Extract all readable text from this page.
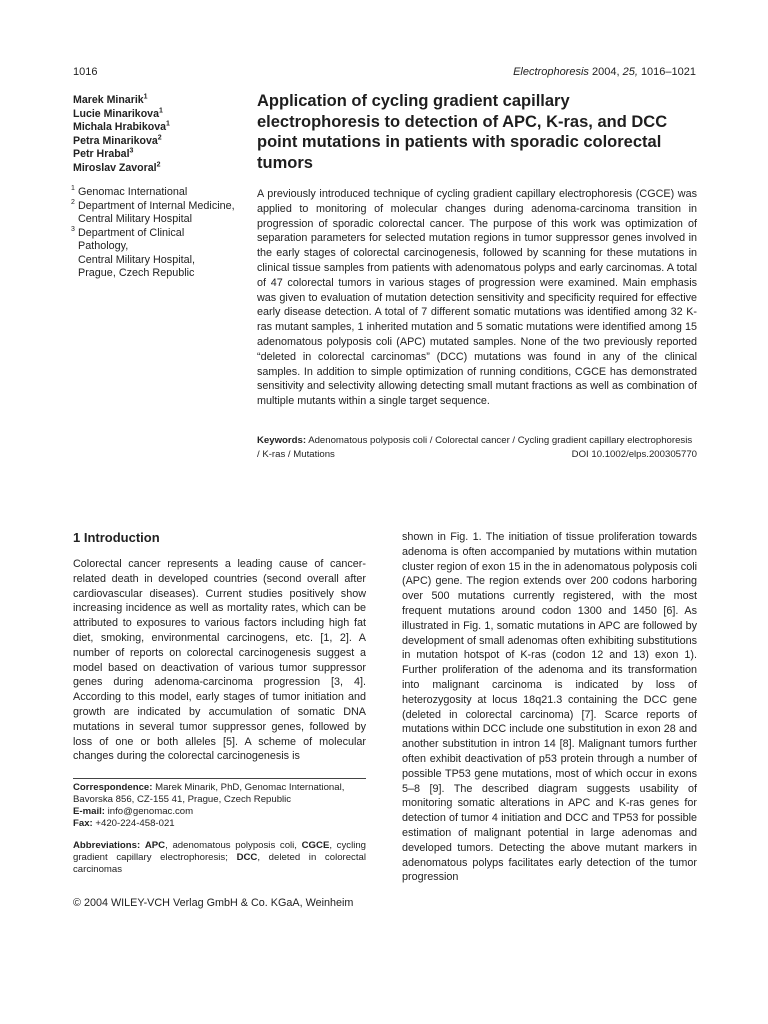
1016	Electrophoresis 2004, 25, 1016–1021
Marek Minarik$^1$
Lucie Minarikova$^1$
Michala Hrabikova$^1$
Petra Minarikova$^2$
Petr Hrabal$^3$
Miroslav Zavoral$^2$
1 Genomac International
2 Department of Internal Medicine,
Central Military Hospital
3 Department of Clinical
Pathology,
Central Military Hospital,
Prague, Czech Republic
Application of cycling gradient capillary electrophoresis to detection of APC, K-ras, and DCC point mutations in patients with sporadic colorectal tumors
A previously introduced technique of cycling gradient capillary electrophoresis (CGCE) was applied to monitoring of molecular changes during adenoma-carcinoma transition in progression of sporadic colorectal cancer. The purpose of this work was optimization of separation parameters for selected mutation regions in tumor suppressor genes involved in the early stages of colorectal carcinogenesis, followed by scanning for these mutations in clinical tissue samples from patients with adenomatous polyps and early carcinomas. A total of 47 colorectal tumors in various stages of progression were examined. Main emphasis was given to evaluation of mutation detection sensitivity and specificity required for effective early disease detection. A total of 7 different somatic mutations was identified among 32 K-ras mutant samples, 1 inherited mutation and 5 somatic mutations were identified among 15 adenomatous polyposis coli (APC) mutated samples. None of the two previously reported “deleted in colorectal carcinomas” (DCC) mutations was found in any of the clinical samples. In addition to simple optimization of running conditions, CGCE has demonstrated sensitivity and selectivity allowing detecting small mutant fractions as well as combination of multiple mutants within a single target sequence.
Keywords: Adenomatous polyposis coli / Colorectal cancer / Cycling gradient capillary electrophoresis / K-ras / Mutations	DOI 10.1002/elps.200305770
1 Introduction
Colorectal cancer represents a leading cause of cancer-related death in developed countries (second overall after cardiovascular diseases). Current studies positively show increasing incidence as well as mortality rates, which can be attributed to exposures to various factors including high fat diet, smoking, environmental carcinogens, etc. [1, 2]. A number of reports on colorectal carcinogenesis suggest a model based on deactivation of various tumor suppressor genes during adenoma-carcinoma progression [3, 4]. According to this model, early stages of tumor initiation and growth are indicated by accumulation of somatic DNA mutations in several tumor suppressor genes, followed by loss of one or both alleles [5]. A scheme of molecular changes during the colorectal carcinogenesis is
shown in Fig. 1. The initiation of tissue proliferation towards adenoma is often accompanied by mutations within mutation cluster region of exon 15 in the in adenomatous polyposis coli (APC) gene. The region extends over 200 codons harboring over 500 mutations currently registered, with the most frequent mutations around codon 1300 and 1450 [6]. As illustrated in Fig. 1, somatic mutations in APC are followed by development of small adenomas often exhibiting substitutions in mutation hotspot of K-ras (codon 12 and 13) exon 1). Further proliferation of the adenoma and its transformation into malignant carcinoma is indicated by loss of heterozygosity at locus 18q21.3 containing the DCC gene (deleted in colorectal carcinoma) [7]. Scarce reports of mutations within DCC include one substitution in exon 28 and another substitution in intron 14 [8]. Malignant tumors further often exhibit deactivation of p53 protein through a number of possible TP53 gene mutations, most of which occur in exons 5–8 [9]. The described diagram suggests usability of monitoring somatic alterations in APC and K-ras genes for detection of tumor 4 initiation and DCC and TP53 for possible estimation of malignant potential in large adenomas and developed tumors. Detecting the above mutant markers in adenomatous polyps facilitates early detection of the tumor progression
Correspondence: Marek Minarik, PhD, Genomac International, Bavorska 856, CZ-155 41, Prague, Czech Republic
E-mail: info@genomac.com
Fax: +420-224-458-021
Abbreviations: APC, adenomatous polyposis coli, CGCE, cycling gradient capillary electrophoresis; DCC, deleted in colorectal carcinomas
© 2004 WILEY-VCH Verlag GmbH & Co. KGaA, Weinheim
